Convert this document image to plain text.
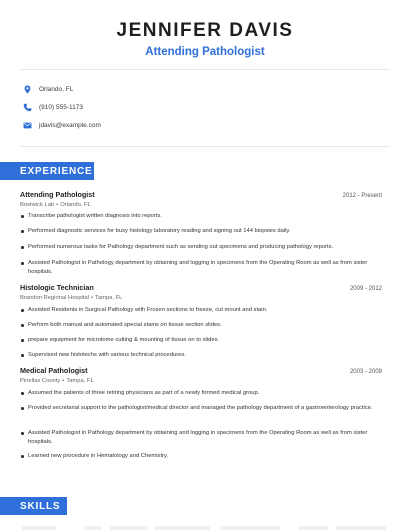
JENNIFER DAVIS
Attending Pathologist
Orlando, FL
(910) 555-1173
jdavis@example.com
EXPERIENCE
Attending Pathologist	2012 - Present
Bostwick Lab • Orlando, FL
Transcribe pathologist written diagnosis into reports.
Performed diagnostic services for busy histology laboratory reading and signing out 144 biopsies daily.
Performed numerous tasks for Pathology department such as sending out specimens and producing pathology reports.
Assisted Pathologist in Pathology department by obtaining and logging in specimens from the Operating Room as well as from sister hospitals.
Histologic Technician	2009 - 2012
Brandon Regional Hospital • Tampa, FL
Assisted Residents in Surgical Pathology with Frozen sections to freeze, cut mount and stain.
Perform both manual and automated special stains on tissue section slides.
prepare equipment for microtome cutting & mounting of tissue on to slides.
Supervised new histotechs with various technical procedures.
Medical Pathologist	2003 - 2009
Pinellas County • Tampa, FL
Assumed the patients of three retiring physicians as part of a newly formed medical group.
Provided secretarial support to the pathologist/medical director and managed the pathology department of a gastroenterology practice.
Assisted Pathologist in Pathology department by obtaining and logging in specimens from the Operating Room as well as from sister hospitals.
Learned new procedure in Hematology and Chemistry.
SKILLS
